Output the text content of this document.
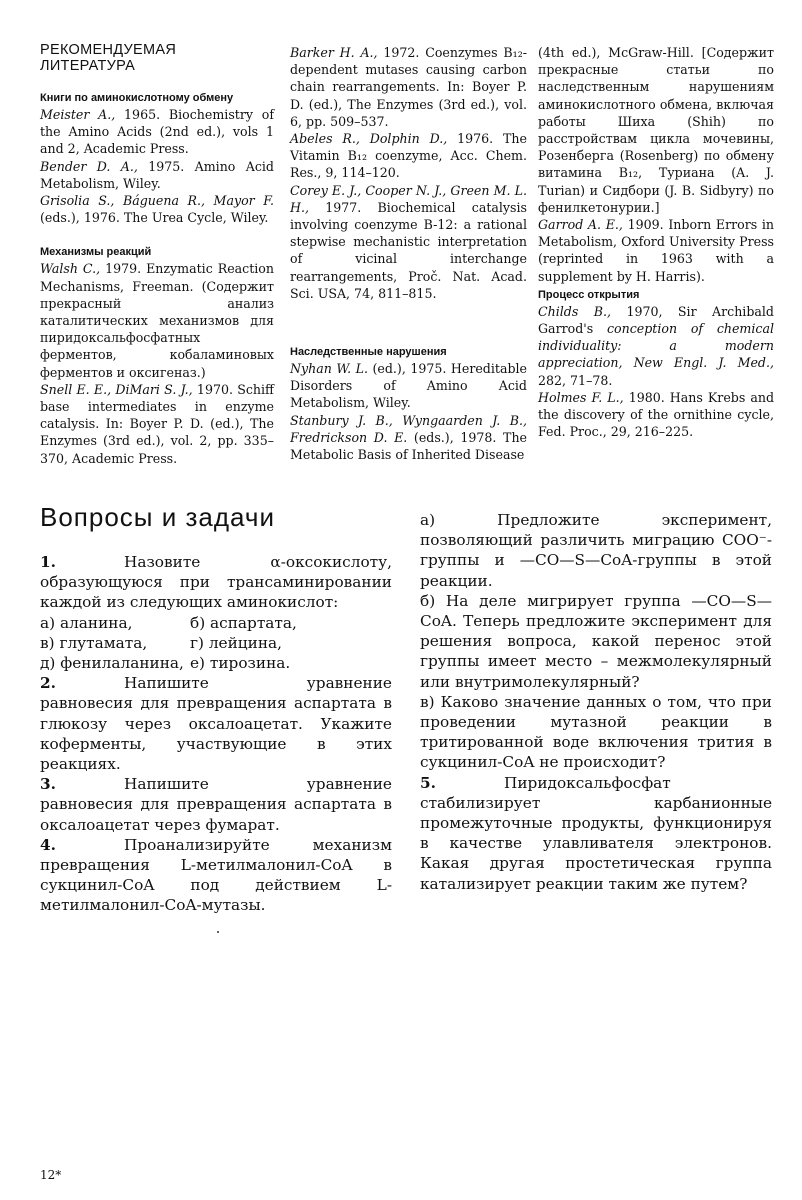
РЕКОМЕНДУЕМАЯ
ЛИТЕРАТУРА
Книги по аминокислотному обмену

Meister A., 1965. Biochemistry of the Amino Acids (2nd ed.), vols 1 and 2, Academic Press.

Bender D. A., 1975. Amino Acid Metabolism, Wiley.

Grisolia S., Báguena R., Mayor F. (eds.), 1976. The Urea Cycle, Wiley.

Механизмы реакций

Walsh C., 1979. Enzymatic Reaction Mechanisms, Freeman. (Содержит прекрасный анализ каталитических механизмов для пиридоксальфосфатных ферментов, кобаламиновых ферментов и оксигеназ.)

Snell E. E., DiMari S. J., 1970. Schiff base intermediates in enzyme catalysis. In: Boyer P. D. (ed.), The Enzymes (3rd ed.), vol. 2, pp. 335–370, Academic Press.

Barker H. A., 1972. Coenzymes B₁₂-dependent mutases causing carbon chain rearrangements. In: Boyer P. D. (ed.), The Enzymes (3rd ed.), vol. 6, pp. 509–537.

Abeles R., Dolphin D., 1976. The Vitamin B₁₂ coenzyme, Acc. Chem. Res., 9, 114–120.

Corey E. J., Cooper N. J., Green M. L. H., 1977. Biochemical catalysis involving coenzyme B-12: a rational stepwise mechanistic interpretation of vicinal interchange rearrangements, Proč. Nat. Acad. Sci. USA, 74, 811–815.

Наследственные нарушения

Nyhan W. L. (ed.), 1975. Hereditable Disorders of Amino Acid Metabolism, Wiley.

Stanbury J. B., Wyngaarden J. B., Fredrickson D. E. (eds.), 1978. The Metabolic Basis of Inherited Disease

(4th ed.), McGraw-Hill. [Содержит прекрасные статьи по наследственным нарушениям аминокислотного обмена, включая работы Шиха (Shih) по расстройствам цикла мочевины, Розенберга (Rosenberg) по обмену витамина B₁₂, Туриана (A. J. Turian) и Сидбори (J. B. Sidbyry) по фенилкетонурии.]

Garrod A. E., 1909. Inborn Errors in Metabolism, Oxford University Press (reprinted in 1963 with a supplement by H. Harris).

Процесс открытия

Childs B., 1970, Sir Archibald Garrod's conception of chemical individuality: a modern appreciation, New Engl. J. Med., 282, 71–78.

Holmes F. L., 1980. Hans Krebs and the discovery of the ornithine cycle, Fed. Proc., 29, 216–225.

Вопросы и задачи
1.	Назовите α-оксокислоту, образующуюся при трансаминировании каждой из следующих аминокислот:
а) аланина,	б) аспартата,
в) глутамата,	г) лейцина,
д) фенилаланина, е) тирозина.
2.	Напишите уравнение равновесия для превращения аспартата в глюкозу через оксалоацетат. Укажите коферменты, участвующие в этих реакциях.
3.	Напишите уравнение равновесия для превращения аспартата в оксалоацетат через фумарат.
4.	Проанализируйте механизм превращения L-метилмалонил-CoA в сукцинил-CoA под действием L-метилмалонил-CoA-мутазы.

а) Предложите эксперимент, позволяющий различить миграцию COO⁻-группы и —CO—S—CoA-группы в этой реакции.

б) На деле мигрирует группа —CO—S—CoA. Теперь предложите эксперимент для решения вопроса, какой перенос этой группы имеет место – межмолекулярный или внутримолекулярный?

в) Каково значение данных о том, что при проведении мутазной реакции в тритированной воде включения трития в сукцинил-CoA не происходит?

5.	Пиридоксальфосфат стабилизирует карбанионные промежуточные продукты, функционируя в качестве улавливателя электронов. Какая другая простетическая группа катализирует реакции таким же путем?
12*
